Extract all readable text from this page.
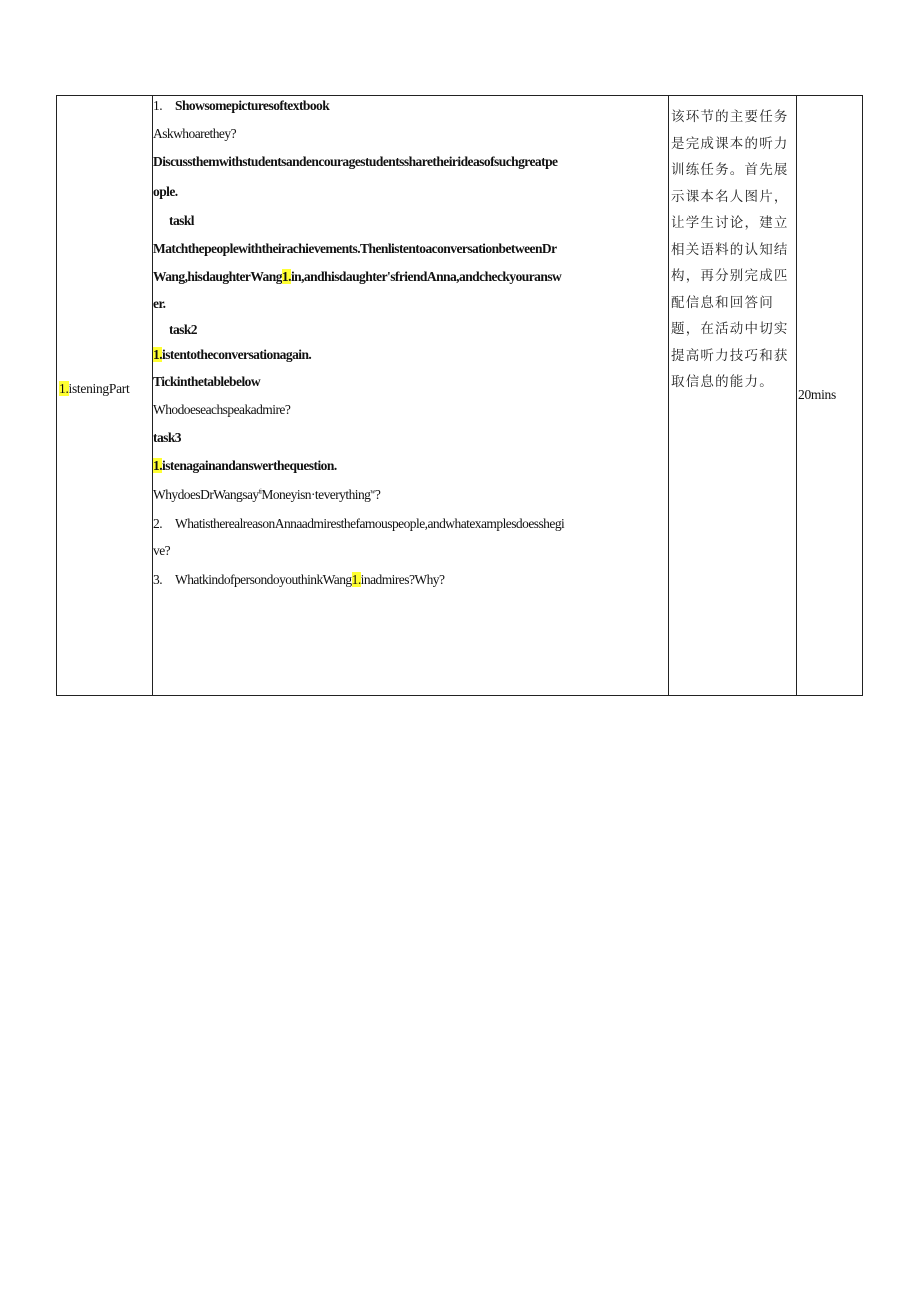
1.isteningPart
1. Showsomepicturesoftextbook
Askwhoarethey?
Discussthemwithstudentsandencouragestudentssharetheirideasofsuchgreatpe
ople.
taskl
Matchthepeoplewiththeirachievements.ThenlistentoaconversationbetweenDr
Wang,hisdaughterWang1.in,andhisdaughter'sfriendAnna,andcheckyouransw
er.
task2
1.istentotheconversationagain.
Tickinthetablebelow
Whodoeseachspeakadmire?
task3
1.istenagainandanswerthequestion.
WhydoesDrWangsay$^{ti}$Moneyisn·teverything$^w$?
2. WhatistherealreasonAnnaadmiresthefamouspeople,andwhatexamplesdoesshegi
ve?
3. WhatkindofpersondoyouthinkWang1.inadmires?Why?
该环节的主要任务是完成课本的听力训练任务。首先展示课本名人图片，让学生讨论，建立相关语料的认知结构，再分别完成匹配信息和回答问题，在活动中切实提高听力技巧和获取信息的能力。
20mins
